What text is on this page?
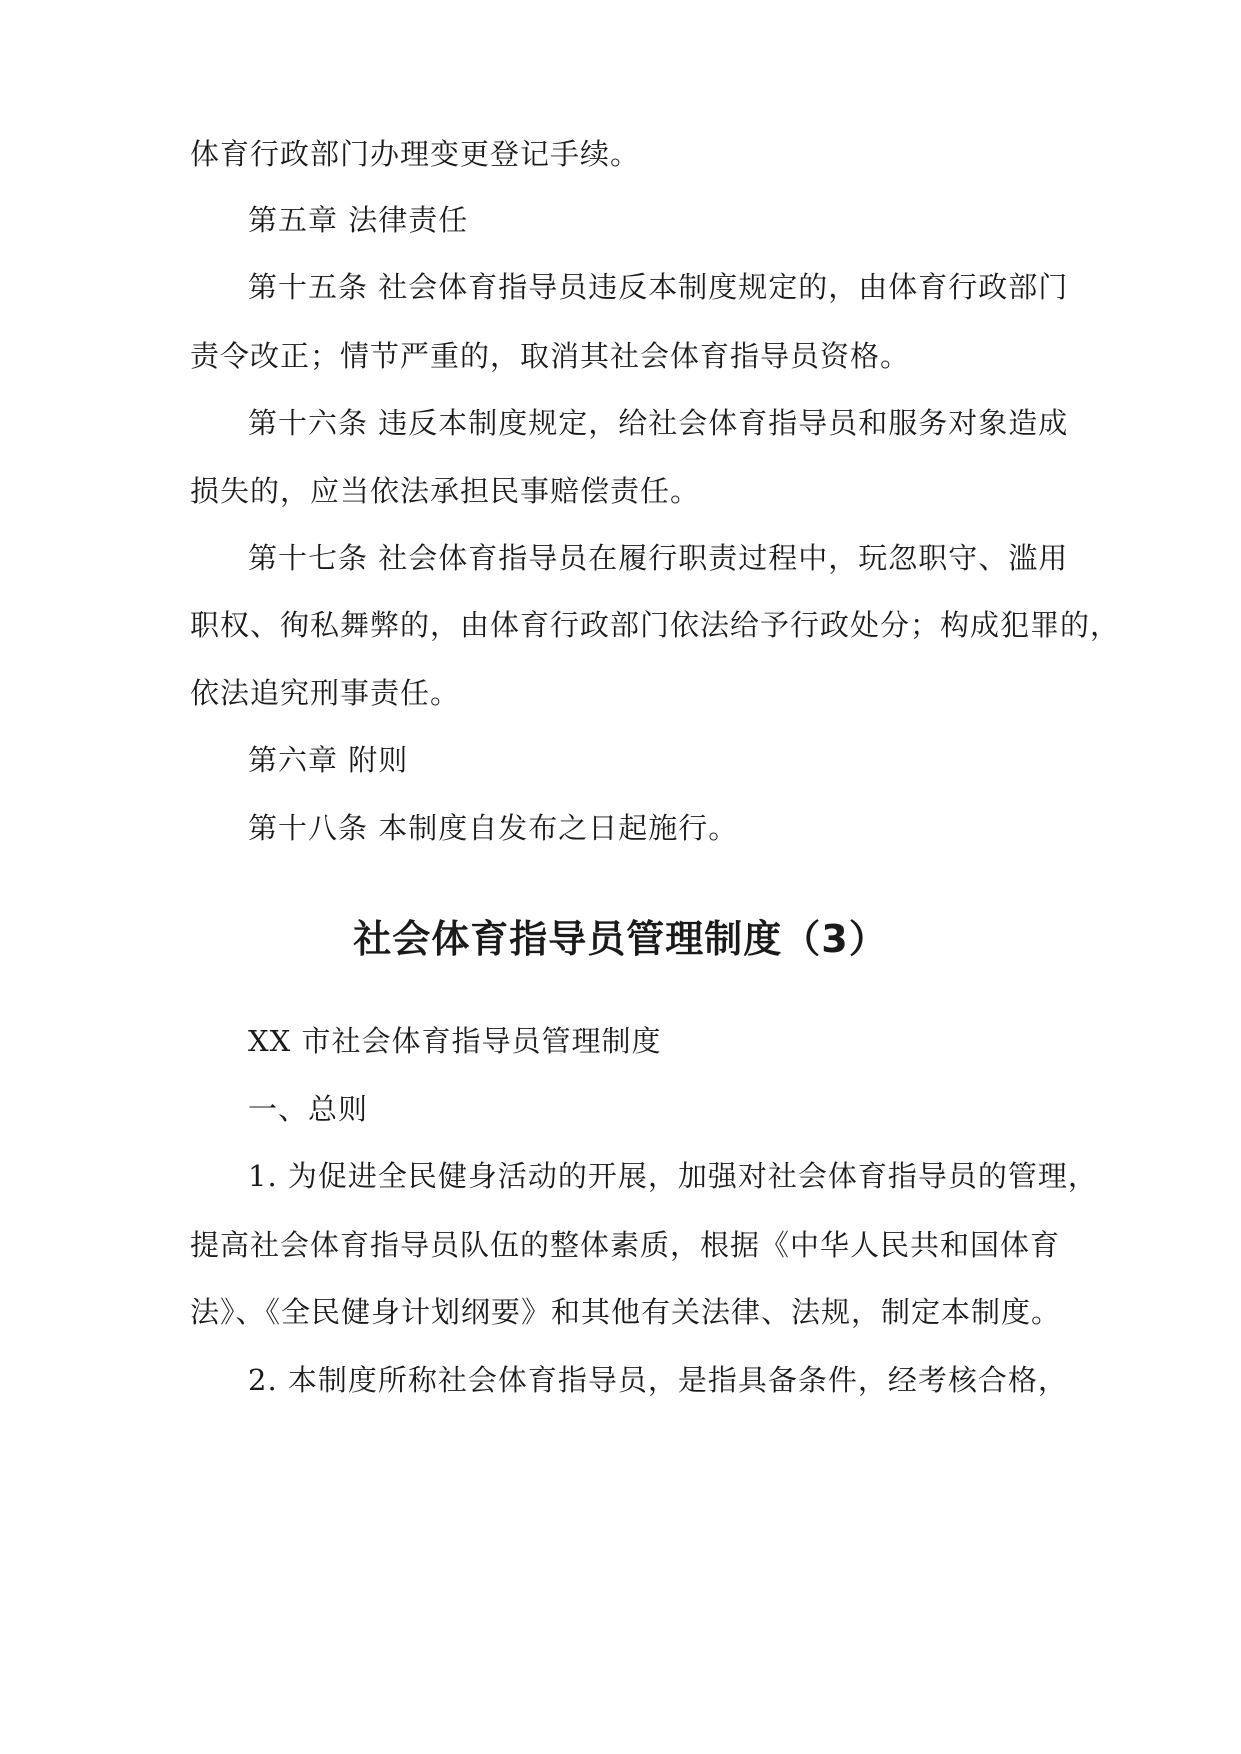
体育行政部门办理变更登记手续。
第五章 法律责任
第十五条 社会体育指导员违反本制度规定的，由体育行政部门
责令改正；情节严重的，取消其社会体育指导员资格。
第十六条 违反本制度规定，给社会体育指导员和服务对象造成
损失的，应当依法承担民事赔偿责任。
第十七条 社会体育指导员在履行职责过程中，玩忽职守、滥用
职权、徇私舞弊的，由体育行政部门依法给予行政处分；构成犯罪的，
依法追究刑事责任。
第六章 附则
第十八条 本制度自发布之日起施行。
社会体育指导员管理制度（3）
XX 市社会体育指导员管理制度
一、总则
1. 为促进全民健身活动的开展，加强对社会体育指导员的管理，
提高社会体育指导员队伍的整体素质，根据《中华人民共和国体育
法》、《全民健身计划纲要》和其他有关法律、法规，制定本制度。
2. 本制度所称社会体育指导员，是指具备条件，经考核合格，
